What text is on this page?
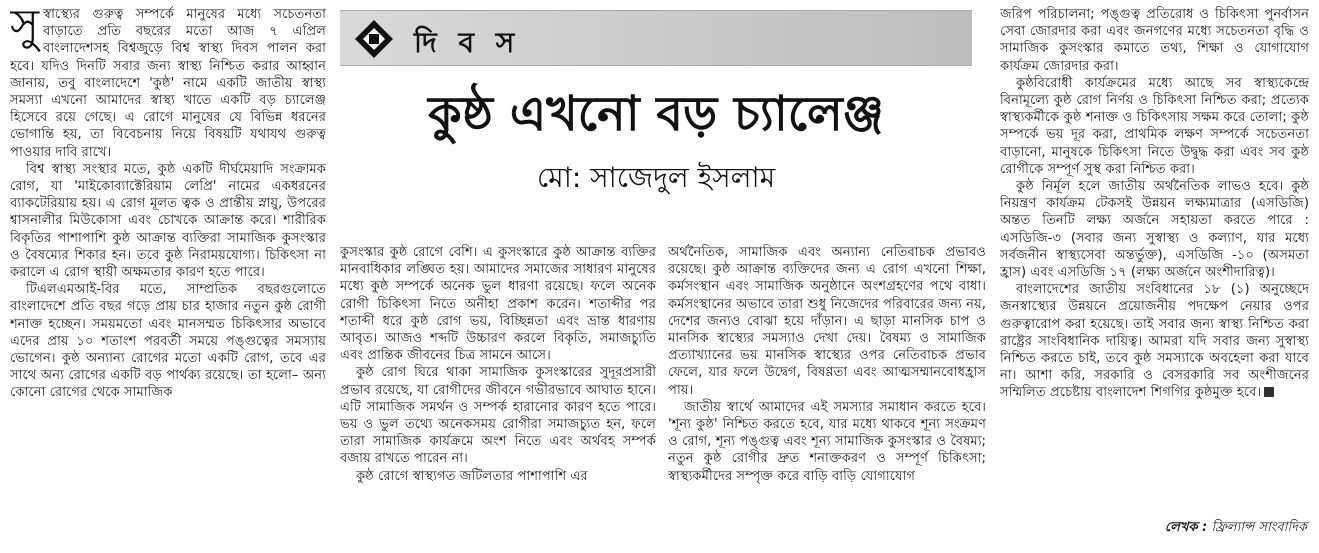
সুস্বাস্থ্যের গুরুত্ব সম্পর্কে মানুষের মধ্যে সচেতনতা বাড়াতে প্রতি বছরের মতো আজ ৭ এপ্রিল বাংলাদেশসহ বিশ্বজুড়ে বিশ্ব স্বাস্থ্য দিবস পালন করা হবে। যদিও দিনটি সবার জন্য স্বাস্থ্য নিশ্চিত করার আহ্বান জানায়, তবু বাংলাদেশে 'কুষ্ঠ' নামে একটি জাতীয় স্বাস্থ্য সমস্যা এখনো আমাদের স্বাস্থ্য খাতে একটি বড় চ্যালেঞ্জ হিসেবে রয়ে গেছে। এ রোগে মানুষের যে বিভিন্ন ধরনের ভোগান্তি হয়, তা বিবেচনায় নিয়ে বিষয়টি যথাযথ গুরুত্ব পাওয়ার দাবি রাখে।

বিশ্ব স্বাস্থ্য সংস্থার মতে, কুষ্ঠ একটি দীর্ঘমেয়াদি সংক্রামক রোগ, যা 'মাইকোব্যাক্টেরিয়াম লেপ্রি' নামের একধরনের ব্যাকটেরিয়ায় হয়। এ রোগ মূলত ত্বক ও প্রান্তীয় স্নায়ু, উপরের শ্বাসনালীর মিউকোসা এবং চোখকে আক্রান্ত করে। শারীরিক বিকৃতির পাশাপাশি কুষ্ঠ আক্রান্ত ব্যক্তিরা সামাজিক কুসংস্কার ও বৈষম্যের শিকার হন। তবে কুষ্ঠ নিরাময়যোগ্য। চিকিৎসা না করালে এ রোগ স্থায়ী অক্ষমতার কারণ হতে পারে।

টিএলএমআই-বির মতে, সাম্প্রতিক বছরগুলোতে বাংলাদেশে প্রতি বছর গড়ে প্রায় চার হাজার নতুন কুষ্ঠ রোগী শনাক্ত হচ্ছেন। সময়মতো এবং মানসম্মত চিকিৎসার অভাবে এদের প্রায় ১০ শতাংশ পরবর্তী সময়ে পঙ্গুত্বের সমস্যায় ভোগেন। কুষ্ঠ অন্যান্য রোগের মতো একটি রোগ, তবে এর সাথে অন্য রোগের একটি বড় পার্থক্য রয়েছে। তা হলো– অন্য কোনো রোগের থেকে সামাজিক

দি ব স
কুষ্ঠ এখনো বড় চ্যালেঞ্জ
মো: সাজেদুল ইসলাম

কুসংস্কার কুষ্ঠ রোগে বেশি। এ কুসংস্কারে কুষ্ঠ আক্রান্ত ব্যক্তির মানবাধিকার লঙ্ঘিত হয়। আমাদের সমাজের সাধারণ মানুষের মধ্যে কুষ্ঠ সম্পর্কে অনেক ভুল ধারণা রয়েছে। ফলে অনেক রোগী চিকিৎসা নিতে অনীহা প্রকাশ করেন। শতাব্দীর পর শতাব্দী ধরে কুষ্ঠ রোগ ভয়, বিচ্ছিন্নতা এবং ভ্রান্ত ধারণায় আবৃত। আজও শব্দটি উচ্চারণ করলে বিকৃতি, সমাজচ্যুতি এবং প্রান্তিক জীবনের চিত্র সামনে আসে।

কুষ্ঠ রোগ ঘিরে থাকা সামাজিক কুসংস্কারের সুদূরপ্রসারী প্রভাব রয়েছে, যা রোগীদের জীবনে গভীরভাবে আঘাত হানে। এটি সামাজিক সমর্থন ও সম্পর্ক হারানোর কারণ হতে পারে। ভয় ও ভুল তথ্যে অনেকসময় রোগীরা সমাজচ্যুত হন, ফলে তারা সামাজিক কার্যক্রমে অংশ নিতে এবং অর্থবহ সম্পর্ক বজায় রাখতে পারেন না।

কুষ্ঠ রোগে স্বাস্থ্যগত জটিলতার পাশাপাশি এর

অর্থনৈতিক, সামাজিক এবং অন্যান্য নেতিবাচক প্রভাবও রয়েছে। কুষ্ঠ আক্রান্ত ব্যক্তিদের জন্য এ রোগ এখনো শিক্ষা, কর্মসংস্থান এবং সামাজিক অনুষ্ঠানে অংশগ্রহণের পথে বাধা। কর্মসংস্থানের অভাবে তারা শুধু নিজেদের পরিবারের জন্য নয়, দেশের জন্যও বোঝা হয়ে দাঁড়ান। এ ছাড়া মানসিক চাপ ও মানসিক স্বাস্থ্যের সমস্যাও দেখা দেয়। বৈষম্য ও সামাজিক প্রত্যাখ্যানের ভয় মানসিক স্বাস্থ্যের ওপর নেতিবাচক প্রভাব ফেলে, যার ফলে উদ্বেগ, বিষণ্ণতা এবং আত্মসম্মানবোধহ্রাস পায়।

জাতীয় স্বার্থে আমাদের এই সমস্যার সমাধান করতে হবে। 'শূন্য কুষ্ঠ' নিশ্চিত করতে হবে, যার মধ্যে থাকবে শূন্য সংক্রমণ ও রোগ, শূন্য পঙ্গুত্ব এবং শূন্য সামাজিক কুসংস্কার ও বৈষম্য; নতুন কুষ্ঠ রোগীর দ্রুত শনাক্তকরণ ও সম্পূর্ণ চিকিৎসা; স্বাস্থ্যকর্মীদের সম্পৃক্ত করে বাড়ি বাড়ি যোগাযোগ

জরিপ পরিচালনা; পঙ্গুত্ব প্রতিরোধ ও চিকিৎসা পুনর্বাসন সেবা জোরদার করা এবং জনগণের মধ্যে সচেতনতা বৃদ্ধি ও সামাজিক কুসংস্কার কমাতে তথ্য, শিক্ষা ও যোগাযোগ কার্যক্রম জোরদার করা।

কুষ্ঠবিরোধী কার্যক্রমের মধ্যে আছে সব স্বাস্থ্যকেন্দ্রে বিনামূল্যে কুষ্ঠ রোগ নির্ণয় ও চিকিৎসা নিশ্চিত করা; প্রত্যেক স্বাস্থ্যকর্মীকে কুষ্ঠ শনাক্ত ও চিকিৎসায় সক্ষম করে তোলা; কুষ্ঠ সম্পর্কে ভয় দূর করা, প্রাথমিক লক্ষণ সম্পর্কে সচেতনতা বাড়ানো, মানুষকে চিকিৎসা নিতে উদ্বুদ্ধ করা এবং সব কুষ্ঠ রোগীকে সম্পূর্ণ সুস্থ করা নিশ্চিত করা।

কুষ্ঠ নির্মূল হলে জাতীয় অর্থনৈতিক লাভও হবে। কুষ্ঠ নিয়ন্ত্রণ কার্যক্রম টেকসই উন্নয়ন লক্ষ্যমাত্রার (এসডিজি) অন্তত তিনটি লক্ষ্য অর্জনে সহায়তা করতে পারে : এসডিজি-৩ (সবার জন্য সুস্বাস্থ্য ও কল্যাণ, যার মধ্যে সর্বজনীন স্বাস্থ্যসেবা অন্তর্ভুক্ত), এসডিজি -১০ (অসমতা হ্রাস) এবং এসডিজি ১৭ (লক্ষ্য অর্জনে অংশীদারিত্ব)।

বাংলাদেশের জাতীয় সংবিধানের ১৮ (১) অনুচ্ছেদে জনস্বাস্থ্যের উন্নয়নে প্রয়োজনীয় পদক্ষেপ নেয়ার ওপর গুরুত্বারোপ করা হয়েছে। তাই সবার জন্য স্বাস্থ্য নিশ্চিত করা রাষ্ট্রের সাংবিধানিক দায়িত্ব। আমরা যদি সবার জন্য সুস্বাস্থ্য নিশ্চিত করতে চাই, তবে কুষ্ঠ সমস্যাকে অবহেলা করা যাবে না। আশা করি, সরকারি ও বেসরকারি সব অংশীজনের সম্মিলিত প্রচেষ্টায় বাংলাদেশ শিগগির কুষ্ঠমুক্ত হবে।

লেখক : ফ্রিল্যান্স সাংবাদিক
